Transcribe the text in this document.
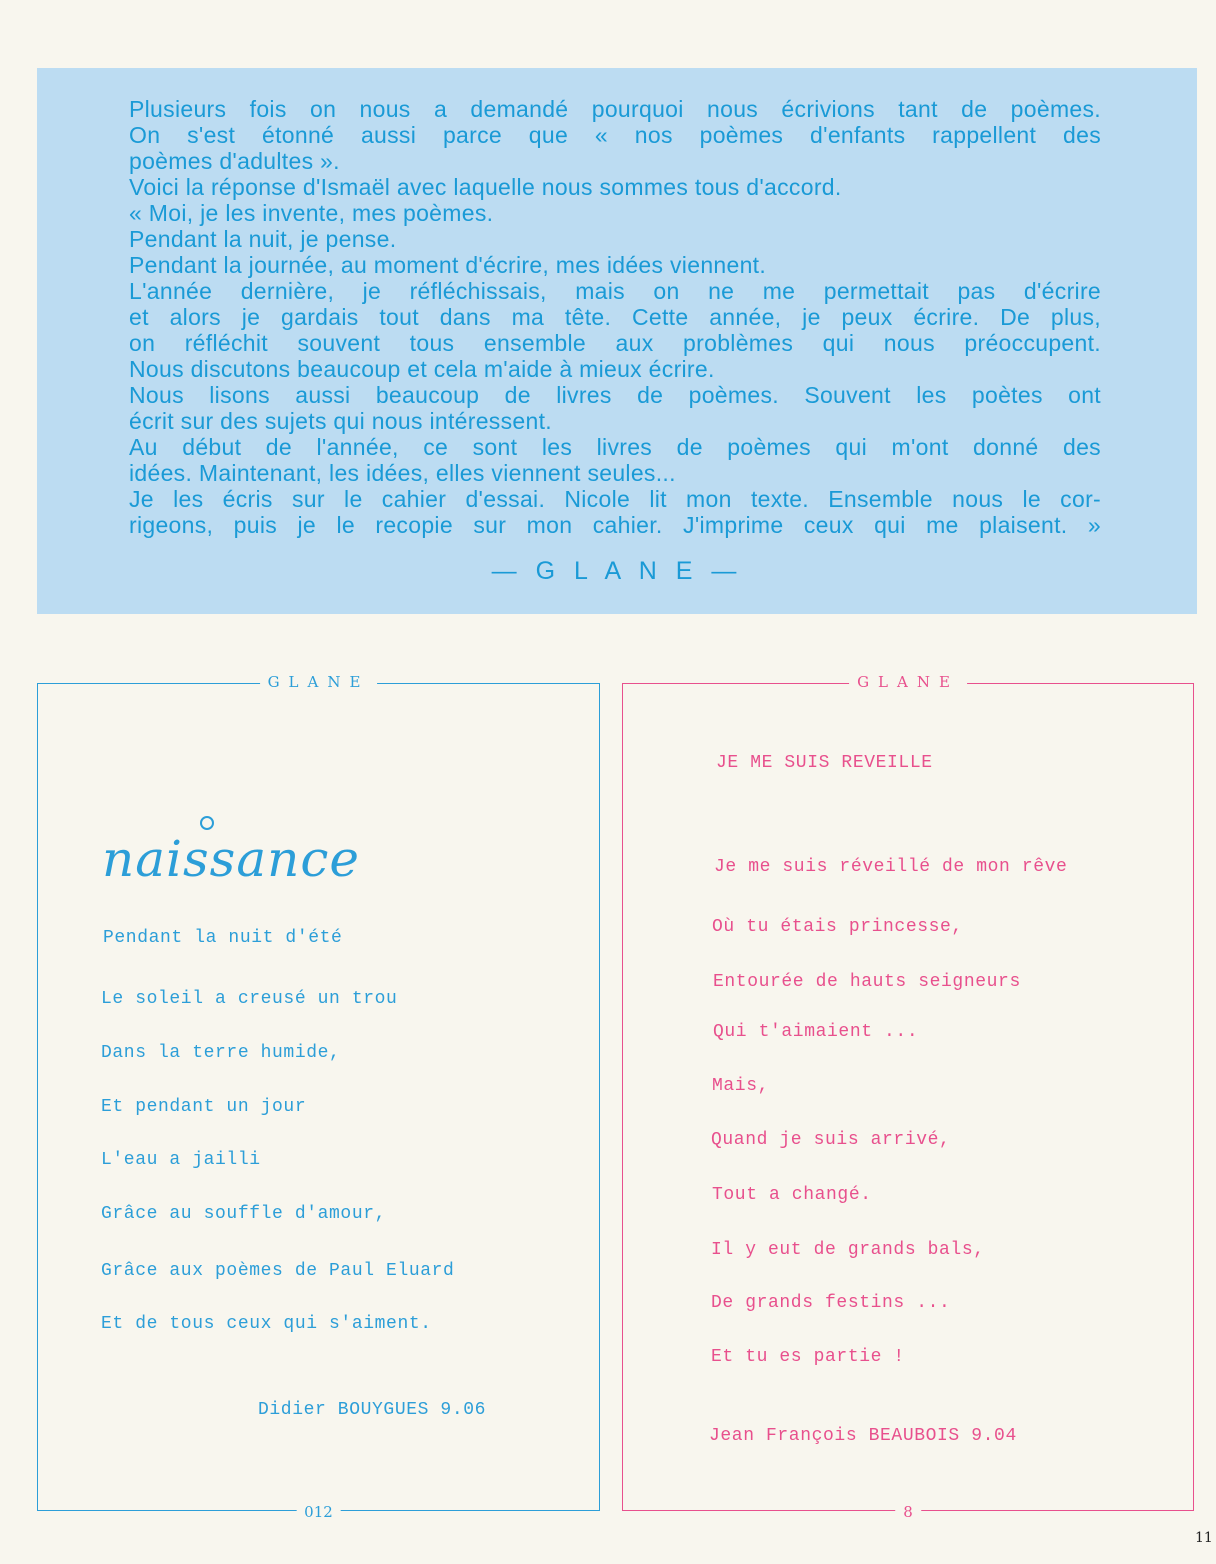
Plusieurs fois on nous a demandé pourquoi nous écrivions tant de poèmes.

On s'est étonné aussi parce que « nos poèmes d'enfants rappellent des

poèmes d'adultes ».

Voici la réponse d'Ismaël avec laquelle nous sommes tous d'accord.

« Moi, je les invente, mes poèmes.

Pendant la nuit, je pense.

Pendant la journée, au moment d'écrire, mes idées viennent.

L'année dernière, je réfléchissais, mais on ne me permettait pas d'écrire

et alors je gardais tout dans ma tête. Cette année, je peux écrire. De plus,

on réfléchit souvent tous ensemble aux problèmes qui nous préoccupent.

Nous discutons beaucoup et cela m'aide à mieux écrire.

Nous lisons aussi beaucoup de livres de poèmes. Souvent les poètes ont

écrit sur des sujets qui nous intéressent.

Au début de l'année, ce sont les livres de poèmes qui m'ont donné des

idées. Maintenant, les idées, elles viennent seules...

Je les écris sur le cahier d'essai. Nicole lit mon texte. Ensemble nous le cor-

rigeons, puis je le recopie sur mon cahier. J'imprime ceux qui me plaisent. »

— G L A N E —
GLANE
naissance

Pendant la nuit d'été

Le soleil a creusé un trou

Dans la terre humide,

Et pendant un jour

L'eau a jailli

Grâce au souffle d'amour,

Grâce aux poèmes de Paul Eluard

Et de tous ceux qui s'aiment.

Didier BOUYGUES 9.06

012
GLANE

JE ME SUIS REVEILLE

Je me suis réveillé de mon rêve

Où tu étais princesse,

Entourée de hauts seigneurs

Qui t'aimaient ...

Mais,

Quand je suis arrivé,

Tout a changé.

Il y eut de grands bals,

De grands festins ...

Et tu es partie !

Jean François BEAUBOIS 9.04

8
11
